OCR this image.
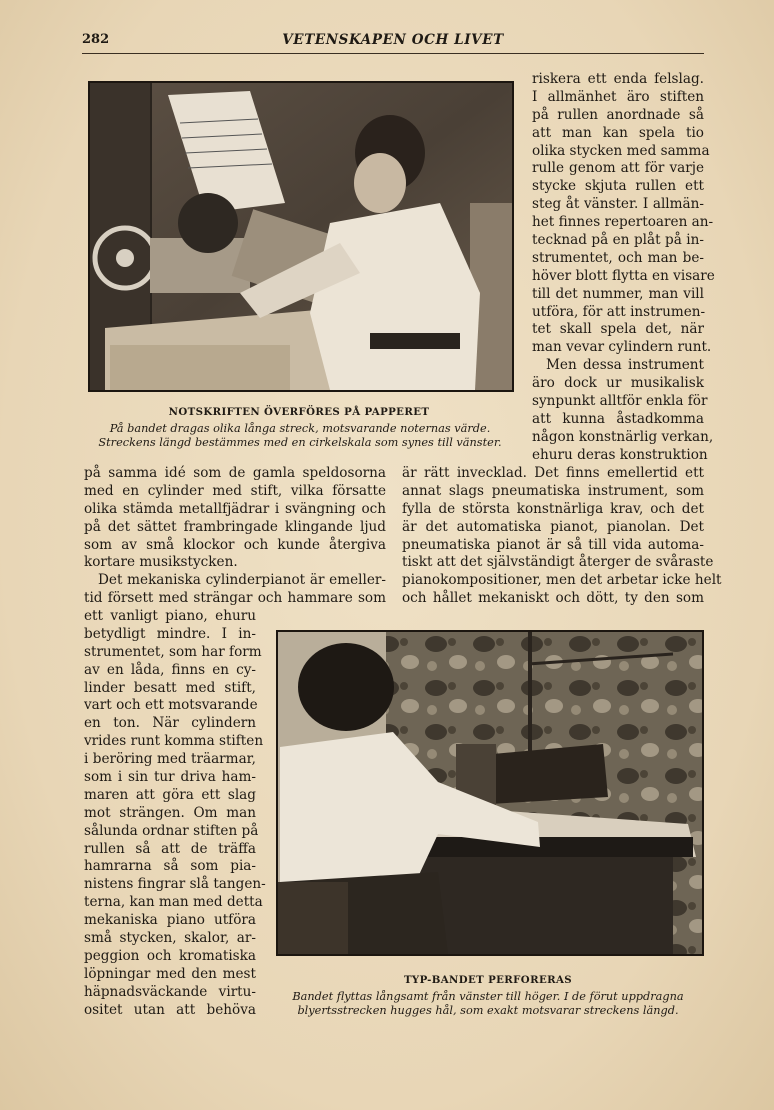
282	VETENSKAPEN OCH LIVET
NOTSKRIFTEN ÖVERFÖRES PÅ PAPPERET
På bandet dragas olika långa streck, motsvarande noternas värde.
Streckens längd bestämmes med en cirkelskala som synes till vänster.
riskera ett enda felslag.
I allmänhet äro stiften
på rullen anordnade så
att man kan spela tio
olika stycken med samma
rulle genom att för varje
stycke skjuta rullen ett
steg åt vänster. I allmän-
het finnes repertoaren an-
tecknad på en plåt på in-
strumentet, och man be-
höver blott flytta en visare
till det nummer, man vill
utföra, för att instrumen-
tet skall spela det, när
man vevar cylindern runt.
Men dessa instrument
äro dock ur musikalisk
synpunkt alltför enkla för
att kunna åstadkomma
någon konstnärlig verkan,
ehuru deras konstruktion
på samma idé som de gamla speldosorna
med en cylinder med stift, vilka försatte
olika stämda metallfjädrar i svängning och
på det sättet frambringade klingande ljud
som av små klockor och kunde återgiva
kortare musikstycken.
Det mekaniska cylinderpianot är emeller-
tid försett med strängar och hammare som
är rätt invecklad. Det finns emellertid ett
annat slags pneumatiska instrument, som
fylla de största konstnärliga krav, och det
är det automatiska pianot, pianolan. Det
pneumatiska pianot är så till vida automa-
tiskt att det självständigt återger de svåraste
pianokompositioner, men det arbetar icke helt
och hållet mekaniskt och dött, ty den som
ett vanligt piano, ehuru
betydligt mindre. I in-
strumentet, som har form
av en låda, finns en cy-
linder besatt med stift,
vart och ett motsvarande
en ton. När cylindern
vrides runt komma stiften
i beröring med träarmar,
som i sin tur driva ham-
maren att göra ett slag
mot strängen. Om man
sålunda ordnar stiften på
rullen så att de träffa
hamrarna så som pia-
nistens fingrar slå tangen-
terna, kan man med detta
mekaniska piano utföra
små stycken, skalor, ar-
peggion och kromatiska
löpningar med den mest
häpnadsväckande virtu-
ositet utan att behöva
TYP-BANDET PERFORERAS
Bandet flyttas långsamt från vänster till höger. I de förut uppdragna
blyertsstrecken hugges hål, som exakt motsvarar streckens längd.
